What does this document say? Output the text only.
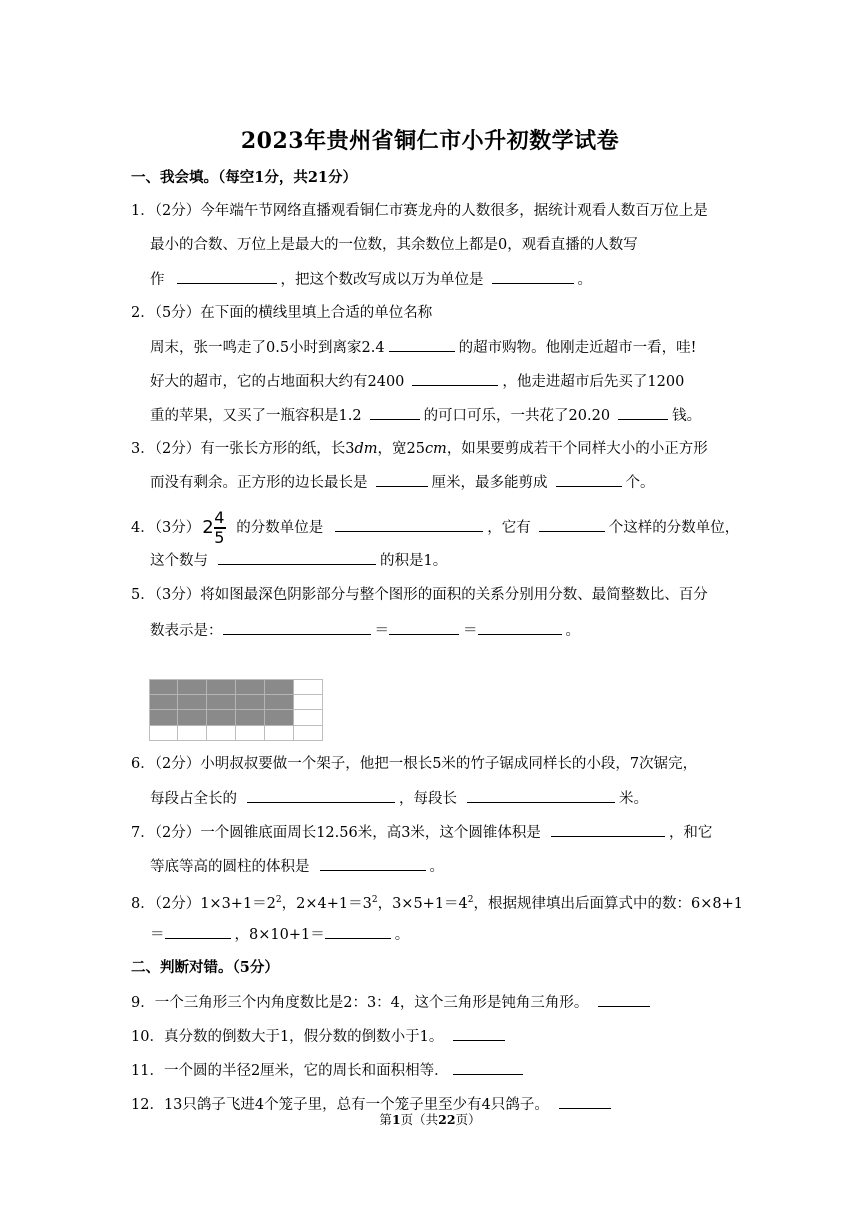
2023年贵州省铜仁市小升初数学试卷
一、我会填。（每空1分，共21分）
1．（2分）今年端午节网络直播观看铜仁市赛龙舟的人数很多，据统计观看人数百万位上是
最小的合数、万位上是最大的一位数，其余数位上都是0，观看直播的人数写
作	，把这个数改写成以万为单位是	。
2．（5分）在下面的横线里填上合适的单位名称
周末，张一鸣走了0.5小时到离家2.4	的超市购物。他刚走近超市一看，哇!
好大的超市，它的占地面积大约有2400	，他走进超市后先买了1200
重的苹果，又买了一瓶容积是1.2	的可口可乐，一共花了20.20	钱。
3．（2分）有一张长方形的纸，长3dm，宽25cm，如果要剪成若干个同样大小的小正方形
而没有剩余。正方形的边长最长是	厘米，最多能剪成	个。
4．（3分） 2 4
5 的分数单位是	，它有	个这样的分数单位，
这个数与	的积是1。
5．（3分）将如图最深色阴影部分与整个图形的面积的关系分别用分数、最简整数比、百分
数表示是：	＝	＝	。
6．（2分）小明叔叔要做一个架子，他把一根长5米的竹子锯成同样长的小段，7次锯完，
每段占全长的	，每段长	米。
7．（2分）一个圆锥底面周长12.56米，高3米，这个圆锥体积是	，和它
等底等高的圆柱的体积是	。
8．（2分）$1\times 3+1=2^2$，$2\times 4+1=3^2$，$3\times 5+1=4^2$，根据规律填出后面算式中的数：6×8+1
＝	，8×10+1＝	。
二、判断对错。（5分）
9．一个三角形三个内角度数比是2：3：4，这个三角形是钝角三角形。
10．真分数的倒数大于1，假分数的倒数小于1。
11．一个圆的半径2厘米，它的周长和面积相等．
12．13只鸽子飞进4个笼子里，总有一个笼子里至少有4只鸽子。
第1页（共22页）
